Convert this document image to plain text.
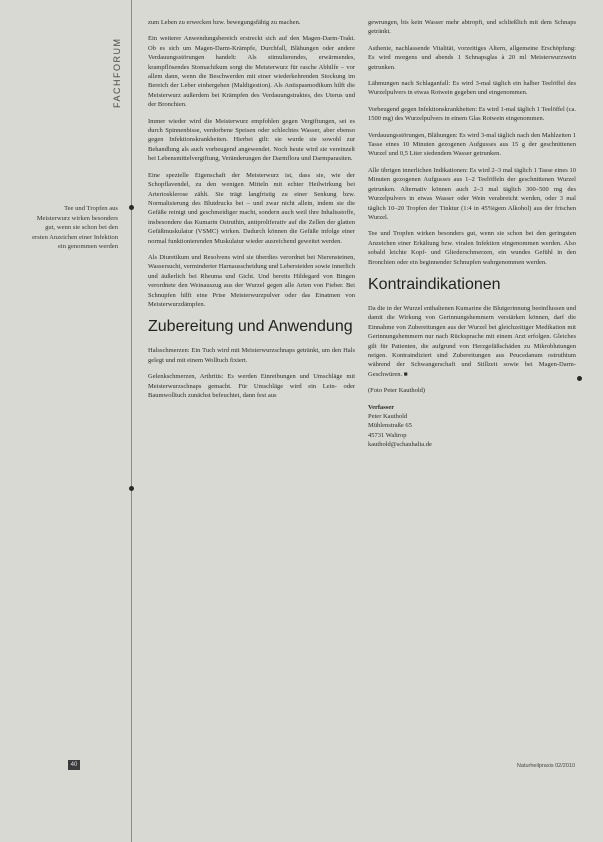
FACHFORUM
Tee und Tropfen aus Meisterwurz wirken besonders gut, wenn sie schon bei den ersten Anzeichen einer Infektion ein genommen werden

zum Leben zu erwecken bzw. bewegungsfähig zu machen.

Ein weiterer Anwendungsbereich erstreckt sich auf den Magen-Darm-Trakt. Ob es sich um Magen-Darm-Krämpfe, Durchfall, Blähungen oder andere Verdauungsstörungen handelt: Als stimulierendes, erwärmendes, krampflösendes Stomachikum sorgt die Meisterwurz für rasche Abhilfe – vor allem dann, wenn die Beschwerden mit einer wiederkehrenden Stockung im Bereich der Leber einhergehen (Maldigestion). Als Antispasmodikum hilft die Meisterwurz außerdem bei Krämpfen des Verdauungstraktes, des Uterus und der Bronchien.

Immer wieder wird die Meisterwurz empfohlen gegen Vergiftungen, sei es durch Spinnenbisse, verdorbene Speisen oder schlechtes Wasser, aber ebenso gegen Infektionskrankheiten. Hierbei gilt: sie wurde sie sowohl zur Behandlung als auch vorbeugend angewendet. Noch heute wird sie vereinzelt bei Lebensmittelvergiftung, Veränderungen der Darmflora und Darmparasiten.

Eine spezielle Eigenschaft der Meisterwurz ist, dass sie, wie der Schopflavendel, zu den wenigen Mitteln mit echter Heilwirkung bei Arteriosklerose zählt. Sie trägt langfristig zu einer Senkung bzw. Normalisierung des Blutdrucks bei – und zwar nicht allein, indem sie die Gefäße reinigt und geschmeidiger macht, sondern auch weil ihre Inhaltsstoffe, insbesondere das Kumarin Ostruthin, antiproliferativ auf die Zellen der glatten Gefäßmuskulatur (VSMC) wirken. Dadurch können die Gefäße infolge einer normal funktionierenden Muskulatur wieder ausreichend geweitet werden.

Als Diuretikum und Resolvens wird sie überdies verordnet bei Nierensteinen, Wassersucht, verminderter Harnausscheidung und Lebersteiden sowie innerlich und äußerlich bei Rheuma und Gicht. Und bereits Hildegard von Bingen verordnete den Weinauszug aus der Wurzel gegen alle Arten von Fieber. Bei Schnupfen hilft eine Prise Meisterwurzpulver oder das Einatmen von Meisterwurzdämpfen.

Zubereitung und Anwendung

Halsschmerzen: Ein Tuch wird mit Meisterwurzschnaps getränkt, um den Hals gelegt und mit einem Wolltuch fixiert.

Gelenkschmerzen, Arthritis: Es werden Einreibungen und Umschläge mit Meisterwurzschnaps gemacht. Für Umschläge wird ein Lein- oder Baumwolltuch zunächst befeuchtet, dann fest aus

gewrungen, bis kein Wasser mehr abtropft, und schließlich mit dem Schnaps getränkt.

Asthenie, nachlassende Vitalität, vorzeitiges Altern, allgemeine Erschöpfung: Es wird morgens und abends 1 Schnapsglas à 20 ml Meisterwurzwein getrunken.

Lähmungen nach Schlaganfall: Es wird 3-mal täglich ein halber Teelöffel des Wurzelpulvers in etwas Rotwein gegeben und eingenommen.

Vorbeugend gegen Infektionskrankheiten: Es wird 1-mal täglich 1 Teelöffel (ca. 1500 mg) des Wurzelpulvers in einem Glas Rotwein eingenommen.

Verdauungsstörungen, Blähungen: Es wird 3-mal täglich nach den Mahlzeiten 1 Tasse eines 10 Minuten gezogenen Aufgusses aus 15 g der geschnittenen Wurzel und 0,5 Liter siedendem Wasser getrunken.

Alle übrigen innerlichen Indikationen: Es wird 2–3 mal täglich 1 Tasse eines 10 Minuten gezogenen Aufgusses aus 1–2 Teelöffeln der geschnittenen Wurzel getrunken. Alternativ können auch 2–3 mal täglich 300–500 mg des Wurzelpulvers in etwas Wasser oder Wein verabreicht werden, oder 3 mal täglich 10–20 Tropfen der Tinktur (1:4 in 45%igem Alkohol) aus der frischen Wurzel.

Tee und Tropfen wirken besonders gut, wenn sie schon bei den geringsten Anzeichen einer Erkältung bzw. viralen Infektion eingenommen werden. Also sobald leichte Kopf- und Gliederschmerzen, ein wundes Gefühl in den Bronchien oder ein beginnender Schnupfen wahrgenommen werden.

Kontraindikationen

Da die in der Wurzel enthaltenen Kumarine die Blutgerinnung beeinflussen und damit die Wirkung von Gerinnungshemmern verstärken können, darf die Einnahme von Zubereitungen aus der Wurzel bei gleichzeitiger Medikation mit Gerinnungshemmern nur nach Rücksprache mit einem Arzt erfolgen. Gleiches gilt für Patienten, die aufgrund von Herzgefäßschäden zu Mikroblutungen neigen. Kontraindiziert sind Zubereitungen aus Peucedanum ostruthium während der Schwangerschaft und Stillzeit sowie bei Magen-Darm-Geschwüren. ■

(Foto Peter Kauthold)

Verfasser

Peter Kauthold

Mühlenstraße 65

45731 Waltrop

kauthold@schauhalta.de

40	Naturheilpraxis 02/2010
